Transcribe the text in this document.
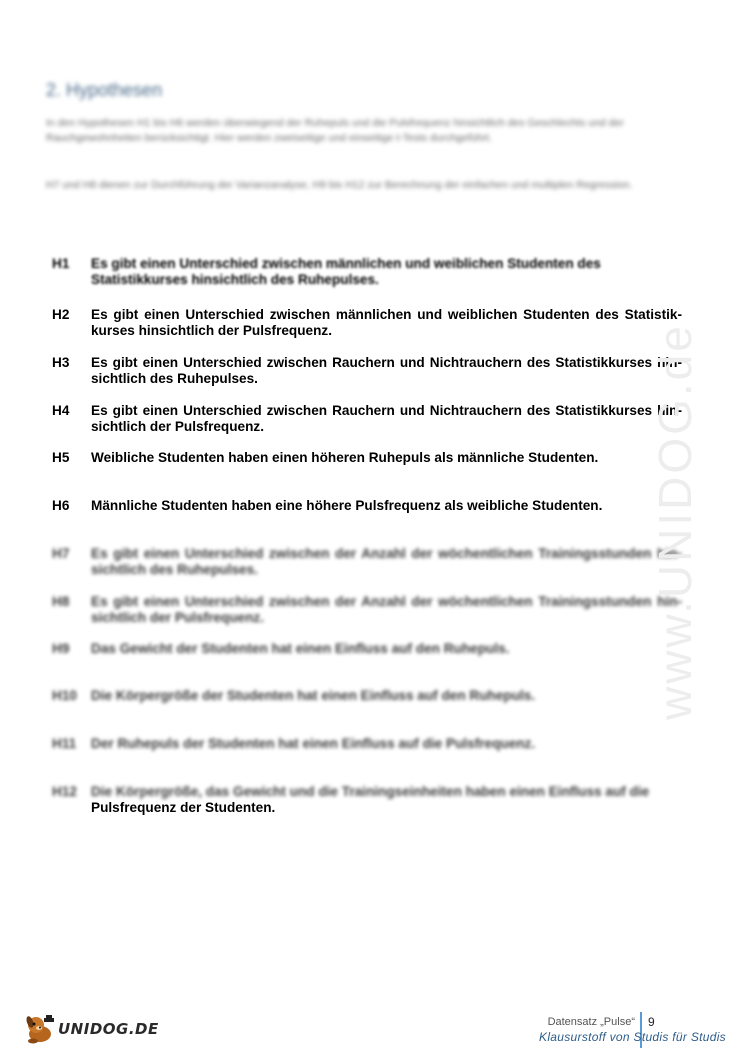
2. Hypothesen

In den Hypothesen H1 bis H6 werden überwiegend der Ruhepuls und die Pulsfrequenz hinsichtlich des Geschlechts und der Rauchgewohnheiten berücksichtigt. Hier werden zweiseitige und einseitige t-Tests durchgeführt.

H7 und H8 dienen zur Durchführung der Varianzanalyse, H9 bis H12 zur Berechnung der einfachen und multiplen Regression.

H1	Es gibt einen Unterschied zwischen männlichen und weiblichen Studenten des Statistikkurses hinsichtlich des Ruhepulses.
H2	Es gibt einen Unterschied zwischen männlichen und weiblichen Studenten des Statistik-kurses hinsichtlich der Pulsfrequenz.
H3	Es gibt einen Unterschied zwischen Rauchern und Nichtrauchern des Statistikkurses hin-sichtlich des Ruhepulses.
H4	Es gibt einen Unterschied zwischen Rauchern und Nichtrauchern des Statistikkurses hin-sichtlich der Pulsfrequenz.
H5	Weibliche Studenten haben einen höheren Ruhepuls als männliche Studenten.
H6	Männliche Studenten haben eine höhere Pulsfrequenz als weibliche Studenten.
H7	Es gibt einen Unterschied zwischen der Anzahl der wöchentlichen Trainingsstunden hin-sichtlich des Ruhepulses.
H8	Es gibt einen Unterschied zwischen der Anzahl der wöchentlichen Trainingsstunden hin-sichtlich der Pulsfrequenz.
H9	Das Gewicht der Studenten hat einen Einfluss auf den Ruhepuls.
H10	Die Körpergröße der Studenten hat einen Einfluss auf den Ruhepuls.
H11	Der Ruhepuls der Studenten hat einen Einfluss auf die Pulsfrequenz.
H12	Die Körpergröße, das Gewicht und die Trainingseinheiten haben einen Einfluss auf die
Pulsfrequenz der Studenten.
www.UNIDOG.de
UNIDOG.DE	Datensatz „Pulse“ 9
Klausurstoff von Studis für Studis
